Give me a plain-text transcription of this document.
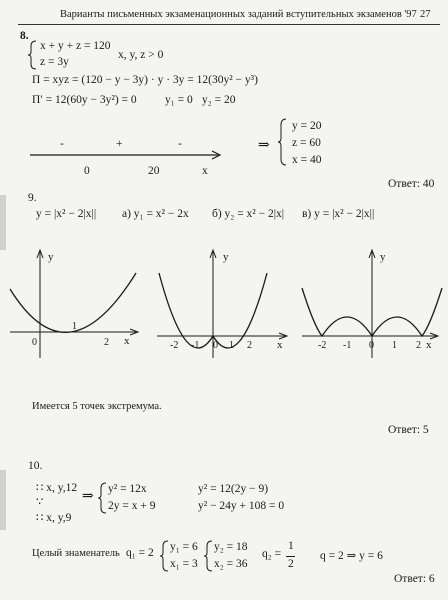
Варианты письменных экзаменационных заданий вступительных экзаменов '97 27
8.
x + y + z = 120
z = 3y
x, y, z > 0
П = xyz = (120 − y − 3y) · y · 3y = 12(30y² − y³)
П′ = 12(60y − 3y²) = 0 y₁ = 0 y₂ = 20
-	+	-
0	20	x
⇒
y = 20
z = 60
x = 40
Ответ: 40
9.
y = |x² − 2|x|| а) y₁ = x² − 2x б) y₂ = x² − 2|x| в) y = |x² − 2|x||
y
x
0
1
2
y
x
-2 -1 0 1 2
y
x
-2 -1 0 1 2
Имеется 5 точек экстремума.
Ответ: 5
10.
∷ x, y,12
∵
∷ x, y,9
⇒ y² = 12x
2y = x + 9
y² = 12(2y − 9)
y² − 24y + 108 = 0
Целый знаменатель q₁ = 2 y₁ = 6
x₁ = 3
y₂ = 18
x₂ = 36
q₂ =
1
2
q = 2 ⇒ y = 6
Ответ: 6
